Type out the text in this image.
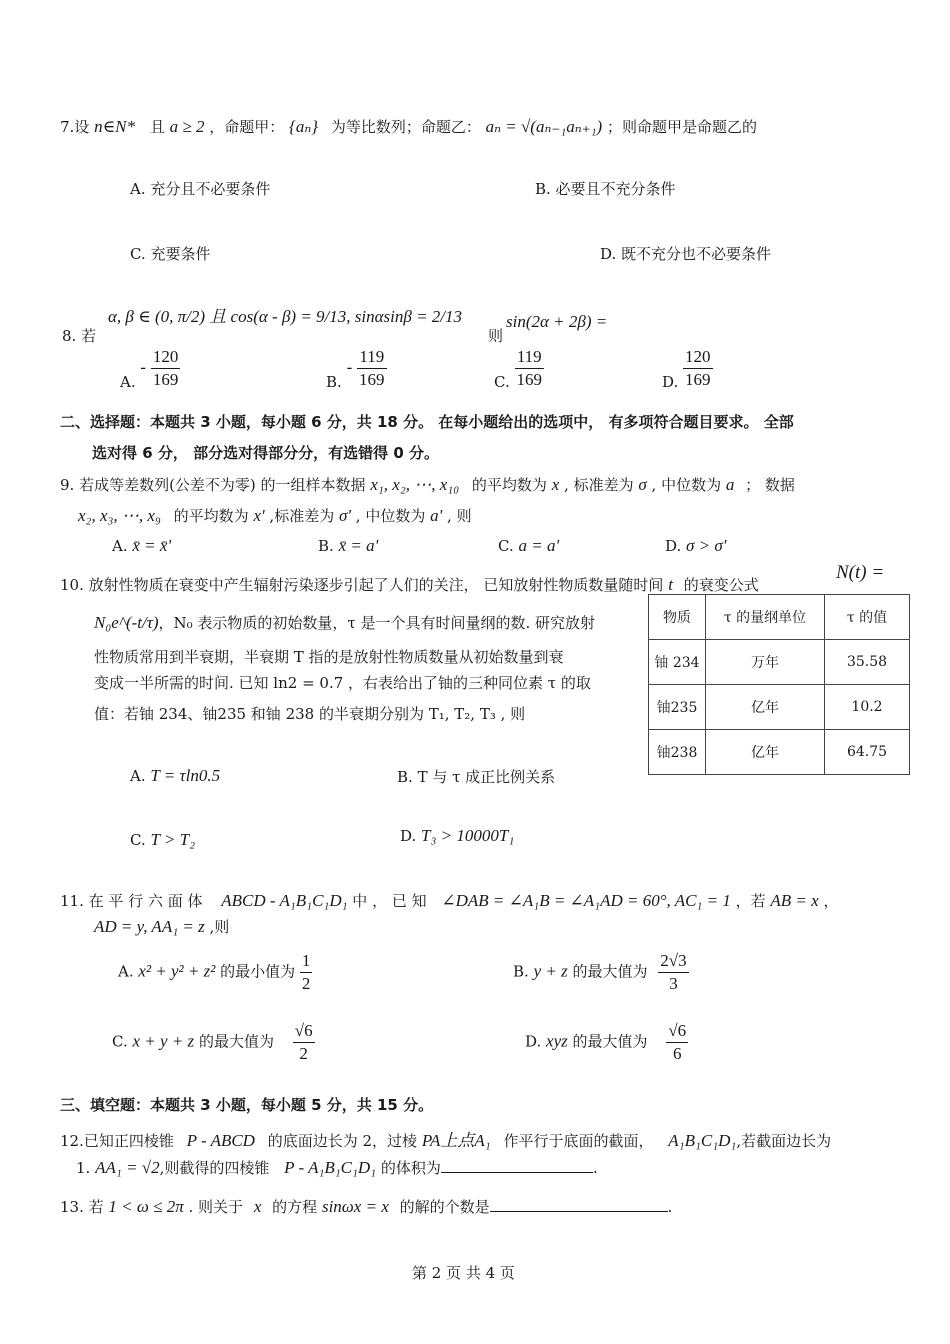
7.设 n∈N* 且 a ≥ 2 ，命题甲： {aₙ} 为等比数列；命题乙： aₙ = √(aₙ₋₁aₙ₊₁) ；则命题甲是命题乙的
A. 充分且不必要条件	B. 必要且不充分条件
C. 充要条件	D. 既不充分也不必要条件
8. 若
α, β ∈ (0, π/2) 且 cos(α - β) = 9/13, sinαsinβ = 2/13
则
sin(2α + 2β) =
A. - $\frac{120}{169}$	B. - $\frac{119}{169}$	C. $\frac{119}{169}$	D. $\frac{120}{169}$
二、选择题：本题共 3 小题，每小题 6 分，共 18 分。 在每小题给出的选项中， 有多项符合题目要求。 全部
选对得 6 分， 部分选对得部分分，有选错得 0 分。
9. 若成等差数列(公差不为零) 的一组样本数据 x₁, x₂, ⋯, x₁₀ 的平均数为 x , 标准差为 σ , 中位数为 a ； 数据
x₂, x₃, ⋯, x₉ 的平均数为 x' ,标准差为 σ' , 中位数为 a' , 则
A. x̄ = x̄'	B. x̄ = a'	C. a = a'	D. σ > σ'
10. 放射性物质在衰变中产生辐射污染逐步引起了人们的关注， 已知放射性物质数量随时间 t 的衰变公式
N(t) =
N₀e^(-t/τ)，N₀ 表示物质的初始数量，τ 是一个具有时间量纲的数. 研究放射
性物质常用到半衰期，半衰期 T 指的是放射性物质数量从初始数量到衰
变成一半所需的时间. 已知 ln2 = 0.7 ，右表给出了铀的三种同位素 τ 的取
值：若铀 234、铀235 和铀 238 的半衰期分别为 T₁, T₂, T₃ , 则
物质	τ 的量纲单位	τ 的值
铀 234	万年	35.58
铀235	亿年	10.2
铀238	亿年	64.75
A. T = τln0.5	B. T 与 τ 成正比例关系
C. T > T₂	D. T₃ > 10000T₁
11. 在 平 行 六 面 体 ABCD - A₁B₁C₁D₁ 中 ， 已 知 ∠DAB = ∠A₁B = ∠A₁AD = 60°, AC₁ = 1 ，若 AB = x ，
AD = y, AA₁ = z ,则
A. x² + y² + z² 的最小值为 $\frac{1}{2}$	B. y + z 的最大值为 $\frac{2√3}{3}$
C. x + y + z 的最大值为 $\frac{√6}{2}$	D. xyz 的最大值为 $\frac{√6}{6}$
三、填空题：本题共 3 小题，每小题 5 分，共 15 分。
12.已知正四棱锥 P - ABCD 的底面边长为 2，过棱 PA上点A₁ 作平行于底面的截面， A₁B₁C₁D₁,若截面边长为
1. AA₁ = √2,则截得的四棱锥 P - A₁B₁C₁D₁ 的体积为	.
13. 若 1 < ω ≤ 2π . 则关于 x 的方程 sinωx = x 的解的个数是	.
第 2 页 共 4 页
